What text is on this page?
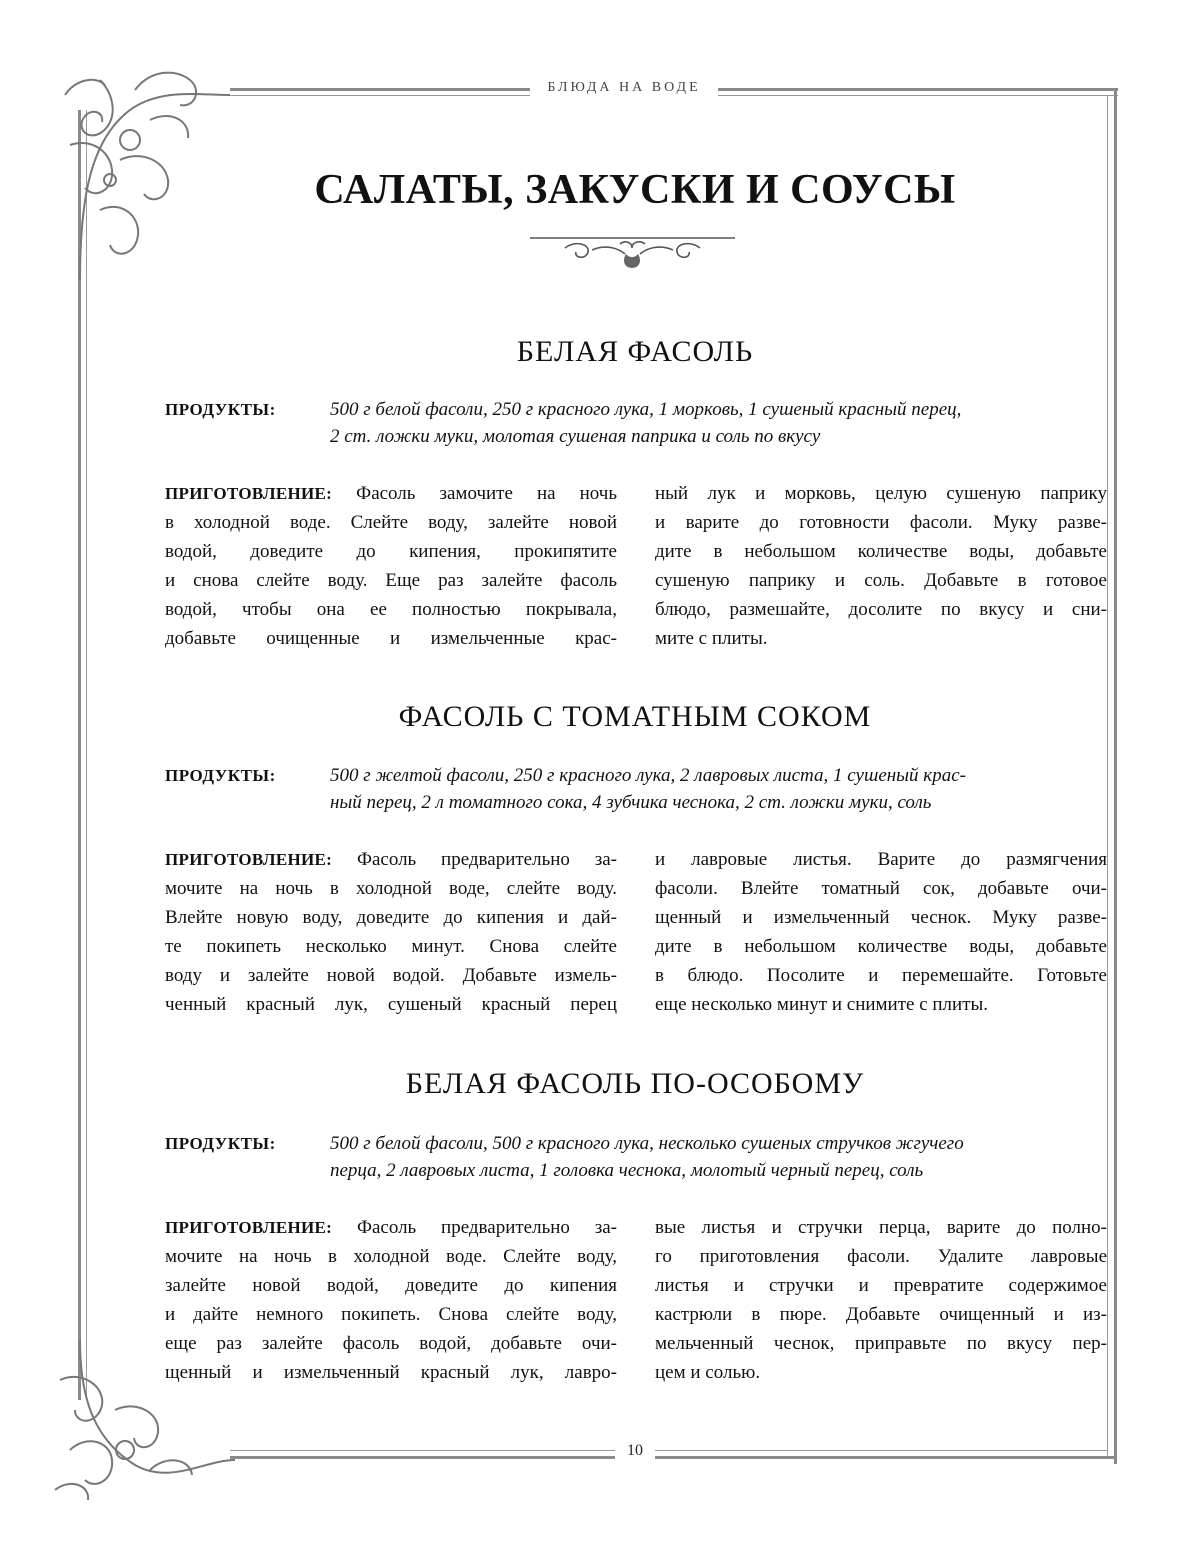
БЛЮДА НА ВОДЕ
10
САЛАТЫ, ЗАКУСКИ И СОУСЫ
БЕЛАЯ ФАСОЛЬ
ПРОДУКТЫ:	500 г белой фасоли, 250 г красного лука, 1 морковь, 1 сушеный красный перец,
2 ст. ложки муки, молотая сушеная паприка и соль по вкусу
ПРИГОТОВЛЕНИЕ: Фасоль замочите на ночь
в холодной воде. Слейте воду, залейте новой
водой, доведите до кипения, прокипятите
и снова слейте воду. Еще раз залейте фасоль
водой, чтобы она ее полностью покрывала,
добавьте очищенные и измельченные крас-
ный лук и морковь, целую сушеную паприку
и варите до готовности фасоли. Муку разве-
дите в небольшом количестве воды, добавьте
сушеную паприку и соль. Добавьте в готовое
блюдо, размешайте, досолите по вкусу и сни-
мите с плиты.
ФАСОЛЬ С ТОМАТНЫМ СОКОМ
ПРОДУКТЫ:	500 г желтой фасоли, 250 г красного лука, 2 лавровых листа, 1 сушеный крас-
ный перец, 2 л томатного сока, 4 зубчика чеснока, 2 ст. ложки муки, соль
ПРИГОТОВЛЕНИЕ: Фасоль предварительно за-
мочите на ночь в холодной воде, слейте воду.
Влейте новую воду, доведите до кипения и дай-
те покипеть несколько минут. Снова слейте
воду и залейте новой водой. Добавьте измель-
ченный красный лук, сушеный красный перец
и лавровые листья. Варите до размягчения
фасоли. Влейте томатный сок, добавьте очи-
щенный и измельченный чеснок. Муку разве-
дите в небольшом количестве воды, добавьте
в блюдо. Посолите и перемешайте. Готовьте
еще несколько минут и снимите с плиты.
БЕЛАЯ ФАСОЛЬ ПО-ОСОБОМУ
ПРОДУКТЫ:	500 г белой фасоли, 500 г красного лука, несколько сушеных стручков жгучего
перца, 2 лавровых листа, 1 головка чеснока, молотый черный перец, соль
ПРИГОТОВЛЕНИЕ: Фасоль предварительно за-
мочите на ночь в холодной воде. Слейте воду,
залейте новой водой, доведите до кипения
и дайте немного покипеть. Снова слейте воду,
еще раз залейте фасоль водой, добавьте очи-
щенный и измельченный красный лук, лавро-
вые листья и стручки перца, варите до полно-
го приготовления фасоли. Удалите лавровые
листья и стручки и превратите содержимое
кастрюли в пюре. Добавьте очищенный и из-
мельченный чеснок, приправьте по вкусу пер-
цем и солью.
